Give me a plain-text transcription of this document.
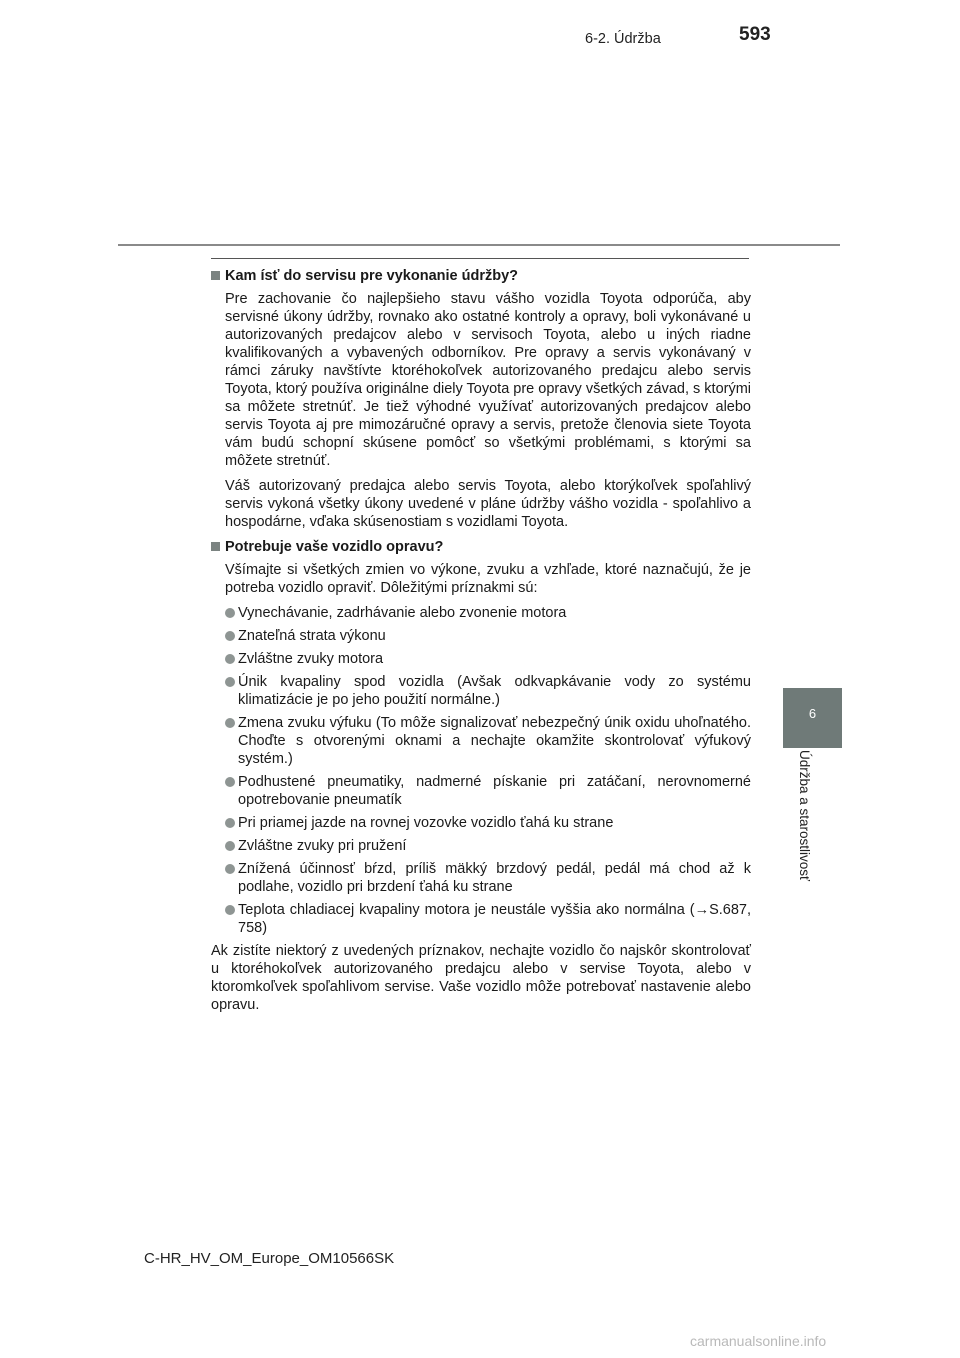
6-2. Údržba	593
6
Údržba a starostlivosť
Kam ísť do servisu pre vykonanie údržby?

Pre zachovanie čo najlepšieho stavu vášho vozidla Toyota odporúča, aby servisné úkony údržby, rovnako ako ostatné kontroly a opravy, boli vykonávané u autorizovaných predajcov alebo v servisoch Toyota, alebo u iných riadne kvalifikovaných a vybavených odborníkov. Pre opravy a servis vykonávaný v rámci záruky navštívte ktoréhokoľvek autorizovaného predajcu alebo servis Toyota, ktorý používa originálne diely Toyota pre opravy všetkých závad, s ktorými sa môžete stretnúť. Je tiež výhodné využívať autorizovaných predajcov alebo servis Toyota aj pre mimozáručné opravy a servis, pretože členovia siete Toyota vám budú schopní skúsene pomôcť so všetkými problémami, s ktorými sa môžete stretnúť.

Váš autorizovaný predajca alebo servis Toyota, alebo ktorýkoľvek spoľahlivý servis vykoná všetky úkony uvedené v pláne údržby vášho vozidla - spoľahlivo a hospodárne, vďaka skúsenostiam s vozidlami Toyota.

Potrebuje vaše vozidlo opravu?

Všímajte si všetkých zmien vo výkone, zvuku a vzhľade, ktoré naznačujú, že je potreba vozidlo opraviť. Dôležitými príznakmi sú:

Vynechávanie, zadrhávanie alebo zvonenie motora
Znateľná strata výkonu
Zvláštne zvuky motora
Únik kvapaliny spod vozidla (Avšak odkvapkávanie vody zo systému klimatizácie je po jeho použití normálne.)
Zmena zvuku výfuku (To môže signalizovať nebezpečný únik oxidu uhoľnatého. Choďte s otvorenými oknami a nechajte okamžite skontrolovať výfukový systém.)
Podhustené pneumatiky, nadmerné pískanie pri zatáčaní, nerovnomerné opotrebovanie pneumatík
Pri priamej jazde na rovnej vozovke vozidlo ťahá ku strane
Zvláštne zvuky pri pružení
Znížená účinnosť bŕzd, príliš mäkký brzdový pedál, pedál má chod až k podlahe, vozidlo pri brzdení ťahá ku strane
Teplota chladiacej kvapaliny motora je neustále vyššia ako normálna (→S.687, 758)

Ak zistíte niektorý z uvedených príznakov, nechajte vozidlo čo najskôr skontrolovať u ktoréhokoľvek autorizovaného predajcu alebo v servise Toyota, alebo v ktoromkoľvek spoľahlivom servise. Vaše vozidlo môže potrebovať nastavenie alebo opravu.

C-HR_HV_OM_Europe_OM10566SK
carmanualsonline.info
